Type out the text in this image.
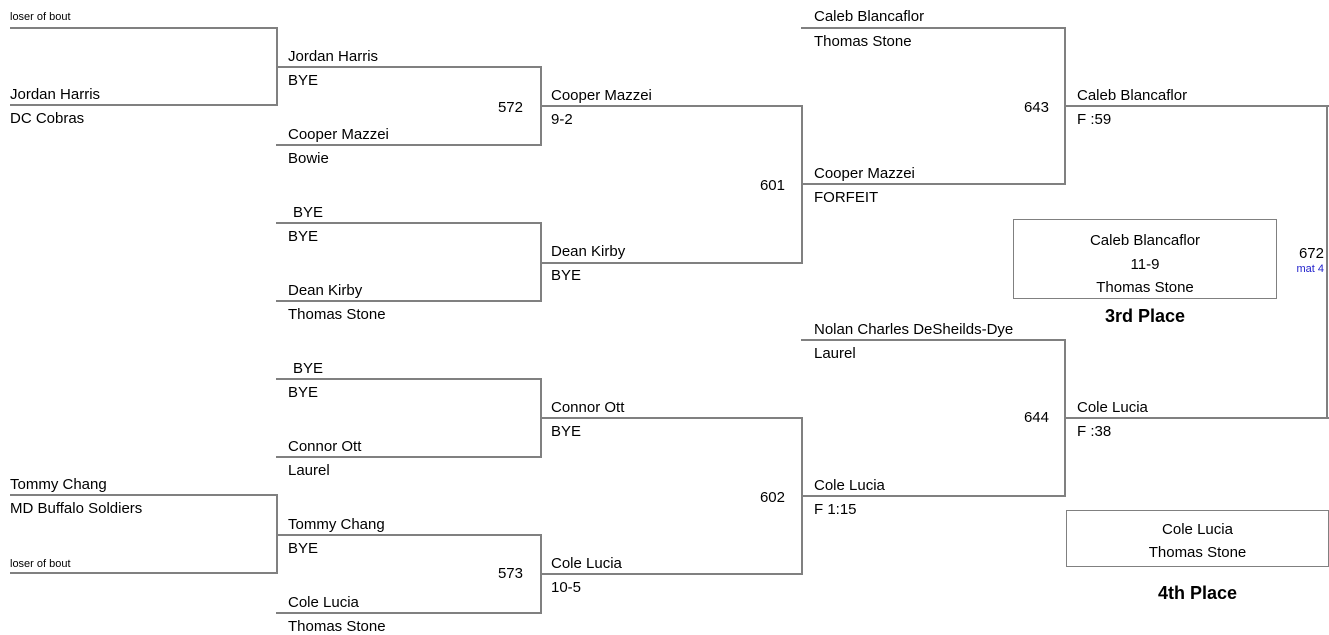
loser of bout
Jordan Harris
DC Cobras
Tommy Chang
MD Buffalo Soldiers
loser of bout
Jordan Harris
BYE
Cooper Mazzei
Bowie
BYE
BYE
Dean Kirby
Thomas Stone
BYE
BYE
Connor Ott
Laurel
Tommy Chang
BYE
Cole Lucia
Thomas Stone
572
Cooper Mazzei
9-2
Dean Kirby
BYE
Connor Ott
BYE
573
Cole Lucia
10-5
601
602
Caleb Blancaflor
Thomas Stone
Cooper Mazzei
FORFEIT
Nolan Charles DeSheilds-Dye
Laurel
Cole Lucia
F 1:15
643
Caleb Blancaflor
F :59
644
Cole Lucia
F :38
672
mat 4
Caleb Blancaflor
11-9
Thomas Stone
3rd Place
Cole Lucia
Thomas Stone
4th Place
